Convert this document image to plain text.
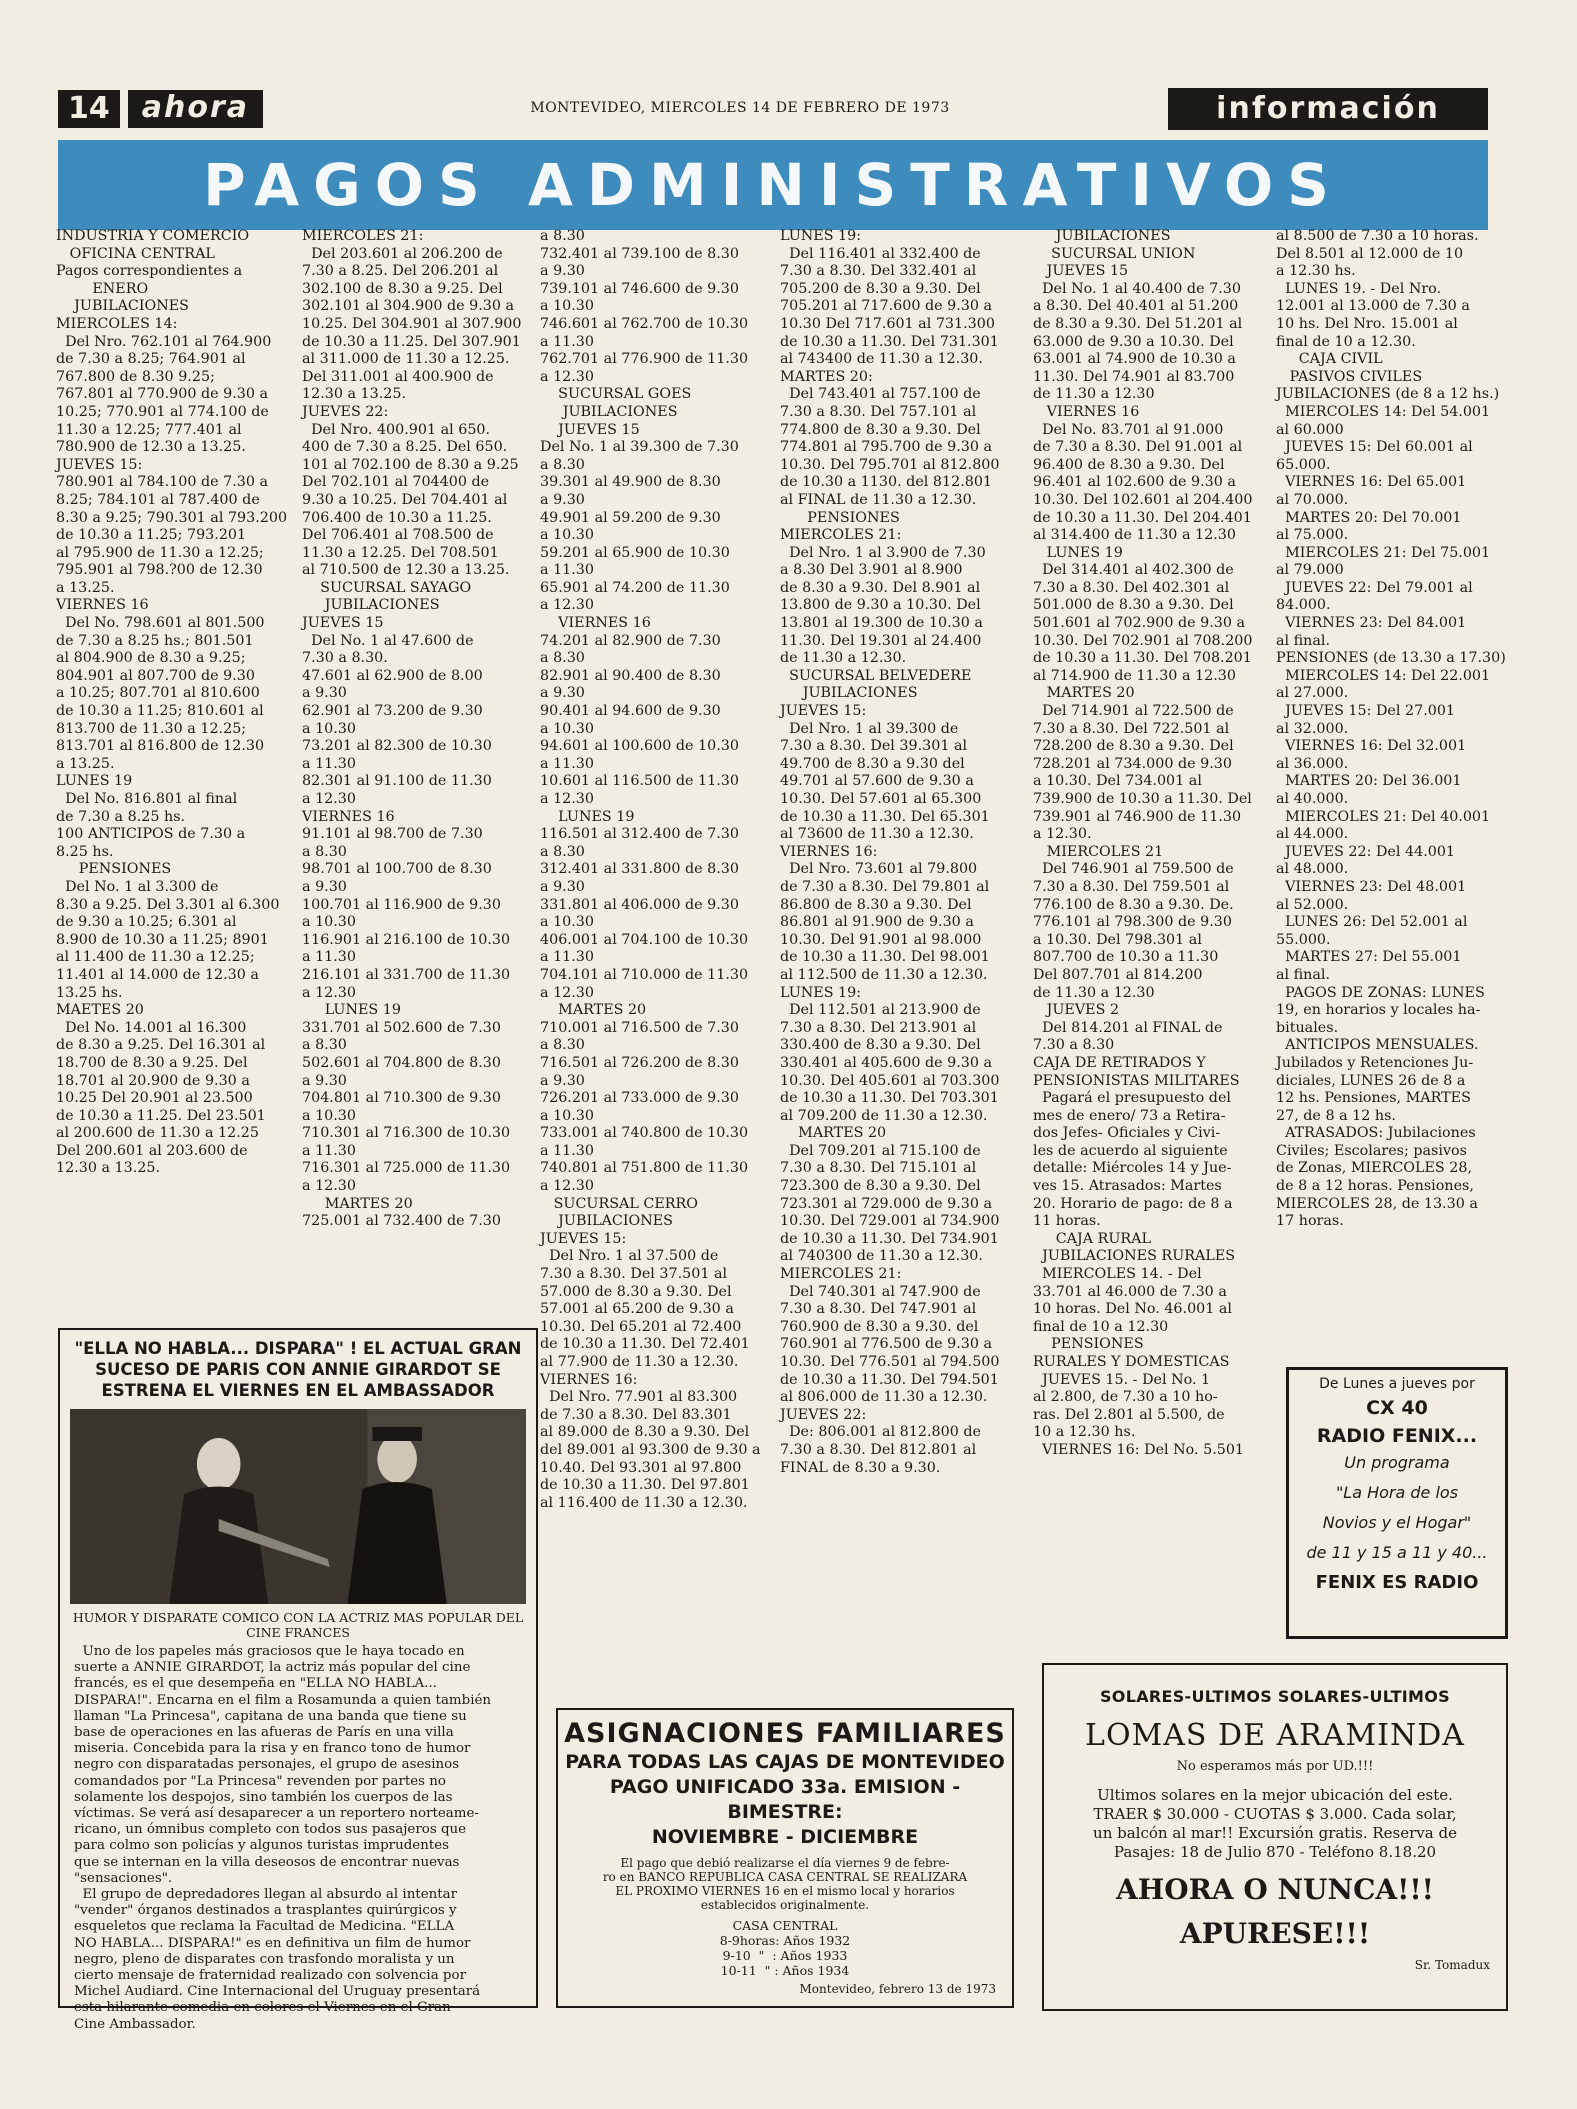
14	ahora	MONTEVIDEO, MIERCOLES 14 DE FEBRERO DE 1973	información
PAGOS ADMINISTRATIVOS

INDUSTRIA Y COMERCIO

OFICINA CENTRAL

Pagos correspondientes a

ENERO

JUBILACIONES

MIERCOLES 14:

Del Nro. 762.101 al 764.900

de 7.30 a 8.25; 764.901 al

767.800 de 8.30 9.25;

767.801 al 770.900 de 9.30 a

10.25; 770.901 al 774.100 de

11.30 a 12.25; 777.401 al

780.900 de 12.30 a 13.25.

JUEVES 15:

780.901 al 784.100 de 7.30 a

8.25; 784.101 al 787.400 de

8.30 a 9.25; 790.301 al 793.200

de 10.30 a 11.25; 793.201

al 795.900 de 11.30 a 12.25;

795.901 al 798.?00 de 12.30

a 13.25.

VIERNES 16

Del No. 798.601 al 801.500

de 7.30 a 8.25 hs.; 801.501

al 804.900 de 8.30 a 9.25;

804.901 al 807.700 de 9.30

a 10.25; 807.701 al 810.600

de 10.30 a 11.25; 810.601 al

813.700 de 11.30 a 12.25;

813.701 al 816.800 de 12.30

a 13.25.

LUNES 19

Del No. 816.801 al final

de 7.30 a 8.25 hs.

100 ANTICIPOS de 7.30 a

8.25 hs.

PENSIONES

Del No. 1 al 3.300 de

8.30 a 9.25. Del 3.301 al 6.300

de 9.30 a 10.25; 6.301 al

8.900 de 10.30 a 11.25; 8901

al 11.400 de 11.30 a 12.25;

11.401 al 14.000 de 12.30 a

13.25 hs.

MAETES 20

Del No. 14.001 al 16.300

de 8.30 a 9.25. Del 16.301 al

18.700 de 8.30 a 9.25. Del

18.701 al 20.900 de 9.30 a

10.25 Del 20.901 al 23.500

de 10.30 a 11.25. Del 23.501

al 200.600 de 11.30 a 12.25

Del 200.601 al 203.600 de

12.30 a 13.25.

MIERCOLES 21:

Del 203.601 al 206.200 de

7.30 a 8.25. Del 206.201 al

302.100 de 8.30 a 9.25. Del

302.101 al 304.900 de 9.30 a

10.25. Del 304.901 al 307.900

de 10.30 a 11.25. Del 307.901

al 311.000 de 11.30 a 12.25.

Del 311.001 al 400.900 de

12.30 a 13.25.

JUEVES 22:

Del Nro. 400.901 al 650.

400 de 7.30 a 8.25. Del 650.

101 al 702.100 de 8.30 a 9.25

Del 702.101 al 704400 de

9.30 a 10.25. Del 704.401 al

706.400 de 10.30 a 11.25.

Del 706.401 al 708.500 de

11.30 a 12.25. Del 708.501

al 710.500 de 12.30 a 13.25.

SUCURSAL SAYAGO

JUBILACIONES

JUEVES 15

Del No. 1 al 47.600 de

7.30 a 8.30.

47.601 al 62.900 de 8.00

a 9.30

62.901 al 73.200 de 9.30

a 10.30

73.201 al 82.300 de 10.30

a 11.30

82.301 al 91.100 de 11.30

a 12.30

VIERNES 16

91.101 al 98.700 de 7.30

a 8.30

98.701 al 100.700 de 8.30

a 9.30

100.701 al 116.900 de 9.30

a 10.30

116.901 al 216.100 de 10.30

a 11.30

216.101 al 331.700 de 11.30

a 12.30

LUNES 19

331.701 al 502.600 de 7.30

a 8.30

502.601 al 704.800 de 8.30

a 9.30

704.801 al 710.300 de 9.30

a 10.30

710.301 al 716.300 de 10.30

a 11.30

716.301 al 725.000 de 11.30

a 12.30

MARTES 20

725.001 al 732.400 de 7.30

a 8.30

732.401 al 739.100 de 8.30

a 9.30

739.101 al 746.600 de 9.30

a 10.30

746.601 al 762.700 de 10.30

a 11.30

762.701 al 776.900 de 11.30

a 12.30

SUCURSAL GOES

JUBILACIONES

JUEVES 15

Del No. 1 al 39.300 de 7.30

a 8.30

39.301 al 49.900 de 8.30

a 9.30

49.901 al 59.200 de 9.30

a 10.30

59.201 al 65.900 de 10.30

a 11.30

65.901 al 74.200 de 11.30

a 12.30

VIERNES 16

74.201 al 82.900 de 7.30

a 8.30

82.901 al 90.400 de 8.30

a 9.30

90.401 al 94.600 de 9.30

a 10.30

94.601 al 100.600 de 10.30

a 11.30

10.601 al 116.500 de 11.30

a 12.30

LUNES 19

116.501 al 312.400 de 7.30

a 8.30

312.401 al 331.800 de 8.30

a 9.30

331.801 al 406.000 de 9.30

a 10.30

406.001 al 704.100 de 10.30

a 11.30

704.101 al 710.000 de 11.30

a 12.30

MARTES 20

710.001 al 716.500 de 7.30

a 8.30

716.501 al 726.200 de 8.30

a 9.30

726.201 al 733.000 de 9.30

a 10.30

733.001 al 740.800 de 10.30

a 11.30

740.801 al 751.800 de 11.30

a 12.30

SUCURSAL CERRO

JUBILACIONES

JUEVES 15:

Del Nro. 1 al 37.500 de

7.30 a 8.30. Del 37.501 al

57.000 de 8.30 a 9.30. Del

57.001 al 65.200 de 9.30 a

10.30. Del 65.201 al 72.400

de 10.30 a 11.30. Del 72.401

al 77.900 de 11.30 a 12.30.

VIERNES 16:

Del Nro. 77.901 al 83.300

de 7.30 a 8.30. Del 83.301

al 89.000 de 8.30 a 9.30. Del

del 89.001 al 93.300 de 9.30 a

10.40. Del 93.301 al 97.800

de 10.30 a 11.30. Del 97.801

al 116.400 de 11.30 a 12.30.

LUNES 19:

Del 116.401 al 332.400 de

7.30 a 8.30. Del 332.401 al

705.200 de 8.30 a 9.30. Del

705.201 al 717.600 de 9.30 a

10.30 Del 717.601 al 731.300

de 10.30 a 11.30. Del 731.301

al 743400 de 11.30 a 12.30.

MARTES 20:

Del 743.401 al 757.100 de

7.30 a 8.30. Del 757.101 al

774.800 de 8.30 a 9.30. Del

774.801 al 795.700 de 9.30 a

10.30. Del 795.701 al 812.800

de 10.30 a 1130. del 812.801

al FINAL de 11.30 a 12.30.

PENSIONES

MIERCOLES 21:

Del Nro. 1 al 3.900 de 7.30

a 8.30 Del 3.901 al 8.900

de 8.30 a 9.30. Del 8.901 al

13.800 de 9.30 a 10.30. Del

13.801 al 19.300 de 10.30 a

11.30. Del 19.301 al 24.400

de 11.30 a 12.30.

SUCURSAL BELVEDERE

JUBILACIONES

JUEVES 15:

Del Nro. 1 al 39.300 de

7.30 a 8.30. Del 39.301 al

49.700 de 8.30 a 9.30 del

49.701 al 57.600 de 9.30 a

10.30. Del 57.601 al 65.300

de 10.30 a 11.30. Del 65.301

al 73600 de 11.30 a 12.30.

VIERNES 16:

Del Nro. 73.601 al 79.800

de 7.30 a 8.30. Del 79.801 al

86.800 de 8.30 a 9.30. Del

86.801 al 91.900 de 9.30 a

10.30. Del 91.901 al 98.000

de 10.30 a 11.30. Del 98.001

al 112.500 de 11.30 a 12.30.

LUNES 19:

Del 112.501 al 213.900 de

7.30 a 8.30. Del 213.901 al

330.400 de 8.30 a 9.30. Del

330.401 al 405.600 de 9.30 a

10.30. Del 405.601 al 703.300

de 10.30 a 11.30. Del 703.301

al 709.200 de 11.30 a 12.30.

MARTES 20

Del 709.201 al 715.100 de

7.30 a 8.30. Del 715.101 al

723.300 de 8.30 a 9.30. Del

723.301 al 729.000 de 9.30 a

10.30. Del 729.001 al 734.900

de 10.30 a 11.30. Del 734.901

al 740300 de 11.30 a 12.30.

MIERCOLES 21:

Del 740.301 al 747.900 de

7.30 a 8.30. Del 747.901 al

760.900 de 8.30 a 9.30. del

760.901 al 776.500 de 9.30 a

10.30. Del 776.501 al 794.500

de 10.30 a 11.30. Del 794.501

al 806.000 de 11.30 a 12.30.

JUEVES 22:

De: 806.001 al 812.800 de

7.30 a 8.30. Del 812.801 al

FINAL de 8.30 a 9.30.

JUBILACIONES

SUCURSAL UNION

JUEVES 15

Del No. 1 al 40.400 de 7.30

a 8.30. Del 40.401 al 51.200

de 8.30 a 9.30. Del 51.201 al

63.000 de 9.30 a 10.30. Del

63.001 al 74.900 de 10.30 a

11.30. Del 74.901 al 83.700

de 11.30 a 12.30

VIERNES 16

Del No. 83.701 al 91.000

de 7.30 a 8.30. Del 91.001 al

96.400 de 8.30 a 9.30. Del

96.401 al 102.600 de 9.30 a

10.30. Del 102.601 al 204.400

de 10.30 a 11.30. Del 204.401

al 314.400 de 11.30 a 12.30

LUNES 19

Del 314.401 al 402.300 de

7.30 a 8.30. Del 402.301 al

501.000 de 8.30 a 9.30. Del

501.601 al 702.900 de 9.30 a

10.30. Del 702.901 al 708.200

de 10.30 a 11.30. Del 708.201

al 714.900 de 11.30 a 12.30

MARTES 20

Del 714.901 al 722.500 de

7.30 a 8.30. Del 722.501 al

728.200 de 8.30 a 9.30. Del

728.201 al 734.000 de 9.30

a 10.30. Del 734.001 al

739.900 de 10.30 a 11.30. Del

739.901 al 746.900 de 11.30

a 12.30.

MIERCOLES 21

Del 746.901 al 759.500 de

7.30 a 8.30. Del 759.501 al

776.100 de 8.30 a 9.30. De.

776.101 al 798.300 de 9.30

a 10.30. Del 798.301 al

807.700 de 10.30 a 11.30

Del 807.701 al 814.200

de 11.30 a 12.30

JUEVES 2

Del 814.201 al FINAL de

7.30 a 8.30

CAJA DE RETIRADOS Y

PENSIONISTAS MILITARES

Pagará el presupuesto del

mes de enero/ 73 a Retira-

dos Jefes- Oficiales y Civi-

les de acuerdo al siguiente

detalle: Miércoles 14 y Jue-

ves 15. Atrasados: Martes

20. Horario de pago: de 8 a

11 horas.

CAJA RURAL

JUBILACIONES RURALES

MIERCOLES 14. - Del

33.701 al 46.000 de 7.30 a

10 horas. Del No. 46.001 al

final de 10 a 12.30

PENSIONES

RURALES Y DOMESTICAS

JUEVES 15. - Del No. 1

al 2.800, de 7.30 a 10 ho-

ras. Del 2.801 al 5.500, de

10 a 12.30 hs.

VIERNES 16: Del No. 5.501

al 8.500 de 7.30 a 10 horas.

Del 8.501 al 12.000 de 10

a 12.30 hs.

LUNES 19. - Del Nro.

12.001 al 13.000 de 7.30 a

10 hs. Del Nro. 15.001 al

final de 10 a 12.30.

CAJA CIVIL

PASIVOS CIVILES

JUBILACIONES (de 8 a 12 hs.)

MIERCOLES 14: Del 54.001

al 60.000

JUEVES 15: Del 60.001 al

65.000.

VIERNES 16: Del 65.001

al 70.000.

MARTES 20: Del 70.001

al 75.000.

MIERCOLES 21: Del 75.001

al 79.000

JUEVES 22: Del 79.001 al

84.000.

VIERNES 23: Del 84.001

al final.

PENSIONES (de 13.30 a 17.30)

MIERCOLES 14: Del 22.001

al 27.000.

JUEVES 15: Del 27.001

al 32.000.

VIERNES 16: Del 32.001

al 36.000.

MARTES 20: Del 36.001

al 40.000.

MIERCOLES 21: Del 40.001

al 44.000.

JUEVES 22: Del 44.001

al 48.000.

VIERNES 23: Del 48.001

al 52.000.

LUNES 26: Del 52.001 al

55.000.

MARTES 27: Del 55.001

al final.

PAGOS DE ZONAS: LUNES

19, en horarios y locales ha-

bituales.

ANTICIPOS MENSUALES.

Jubilados y Retenciones Ju-

diciales, LUNES 26 de 8 a

12 hs. Pensiones, MARTES

27, de 8 a 12 hs.

ATRASADOS: Jubilaciones

Civiles; Escolares; pasivos

de Zonas, MIERCOLES 28,

de 8 a 12 horas. Pensiones,

MIERCOLES 28, de 13.30 a

17 horas.

"ELLA NO HABLA... DISPARA" ! EL ACTUAL GRAN SUCESO DE PARIS CON ANNIE GIRARDOT SE ESTRENA EL VIERNES EN EL AMBASSADOR
HUMOR Y DISPARATE COMICO CON LA ACTRIZ MAS POPULAR DEL CINE FRANCES

Uno de los papeles más graciosos que le haya tocado en

suerte a ANNIE GIRARDOT, la actriz más popular del cine

francés, es el que desempeña en "ELLA NO HABLA...

DISPARA!". Encarna en el film a Rosamunda a quien también

llaman "La Princesa", capitana de una banda que tiene su

base de operaciones en las afueras de París en una villa

miseria. Concebida para la risa y en franco tono de humor

negro con disparatadas personajes, el grupo de asesinos

comandados por "La Princesa" revenden por partes no

solamente los despojos, sino también los cuerpos de las

víctimas. Se verá así desaparecer a un reportero norteame-

ricano, un ómnibus completo con todos sus pasajeros que

para colmo son policías y algunos turistas imprudentes

que se internan en la villa deseosos de encontrar nuevas

"sensaciones".

El grupo de depredadores llegan al absurdo al intentar

"vender" órganos destinados a trasplantes quirúrgicos y

esqueletos que reclama la Facultad de Medicina. "ELLA

NO HABLA... DISPARA!" es en definitiva un film de humor

negro, pleno de disparates con trasfondo moralista y un

cierto mensaje de fraternidad realizado con solvencia por

Michel Audiard. Cine Internacional del Uruguay presentará

esta hilarante comedia en colores el Viernes en el Gran

Cine Ambassador.

ASIGNACIONES FAMILIARES
PARA TODAS LAS CAJAS DE MONTEVIDEO
PAGO UNIFICADO 33a. EMISION - BIMESTRE:
NOVIEMBRE - DICIEMBRE

El pago que debió realizarse el día viernes 9 de febre-

ro en BANCO REPUBLICA CASA CENTRAL SE REALIZARA

EL PROXIMO VIERNES 16 en el mismo local y horarios

establecidos originalmente.

CASA CENTRAL

8-9horas: Años 1932

9-10  "  : Años 1933

10-11  " : Años 1934

Montevideo, febrero 13 de 1973
De Lunes a jueves por
CX 40
RADIO FENIX...
Un programa
"La Hora de los
Novios y el Hogar"
de 11 y 15 a 11 y 40...
FENIX ES RADIO
SOLARES-ULTIMOS SOLARES-ULTIMOS
LOMAS DE ARAMINDA
No esperamos más por UD.!!!

Ultimos solares en la mejor ubicación del este.

TRAER $ 30.000 - CUOTAS $ 3.000. Cada solar,

un balcón al mar!! Excursión gratis. Reserva de

Pasajes: 18 de Julio 870 - Teléfono 8.18.20

AHORA O NUNCA!!!
APURESE!!!
Sr. Tomadux
